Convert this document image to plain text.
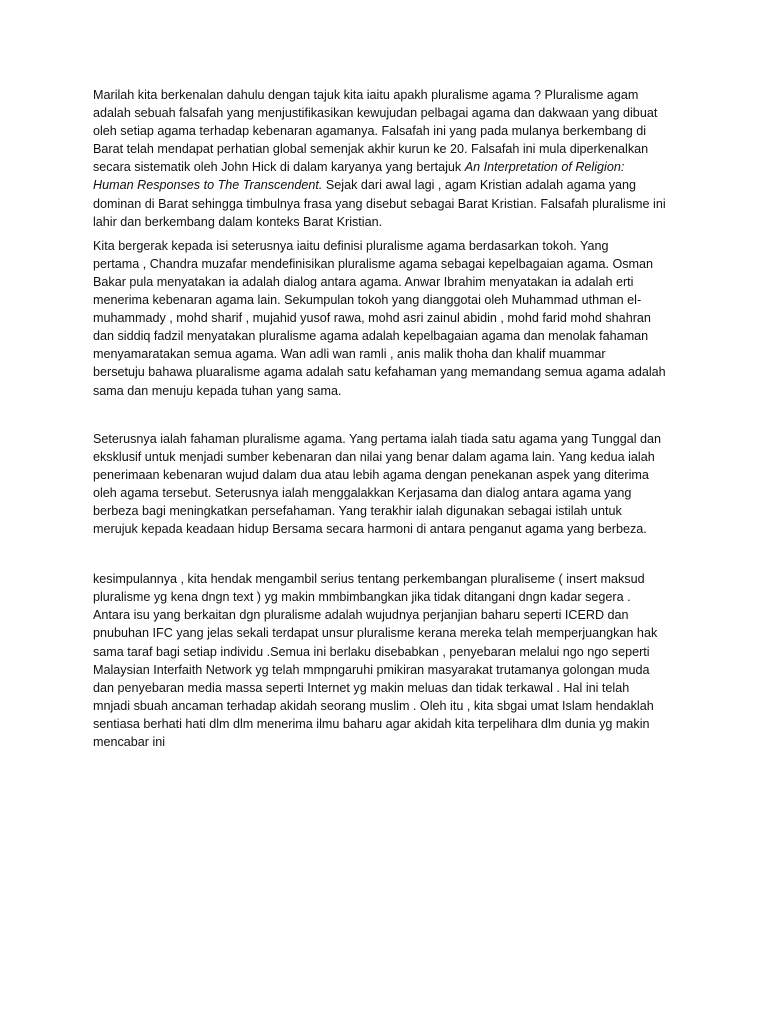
Marilah kita berkenalan dahulu dengan tajuk kita iaitu apakh pluralisme agama ? Pluralisme agam
adalah sebuah falsafah yang menjustifikasikan kewujudan pelbagai agama dan dakwaan yang dibuat
oleh setiap agama terhadap kebenaran agamanya. Falsafah ini yang pada mulanya berkembang di
Barat telah mendapat perhatian global semenjak akhir kurun ke 20. Falsafah ini mula diperkenalkan
secara sistematik oleh John Hick di dalam karyanya yang bertajuk An Interpretation of Religion:
Human Responses to The Transcendent. Sejak dari awal lagi , agam Kristian adalah agama yang
dominan di Barat sehingga timbulnya frasa yang disebut sebagai Barat Kristian. Falsafah pluralisme ini
lahir dan berkembang dalam konteks Barat Kristian.
Kita bergerak kepada isi seterusnya iaitu definisi pluralisme agama berdasarkan tokoh. Yang
pertama , Chandra muzafar mendefinisikan pluralisme agama sebagai kepelbagaian agama. Osman
Bakar pula menyatakan ia adalah dialog antara agama. Anwar Ibrahim menyatakan ia adalah erti
menerima kebenaran agama lain. Sekumpulan tokoh yang dianggotai oleh Muhammad uthman el-
muhammady , mohd sharif , mujahid yusof rawa, mohd asri zainul abidin , mohd farid mohd shahran
dan siddiq fadzil menyatakan pluralisme agama adalah kepelbagaian agama dan menolak fahaman
menyamaratakan semua agama. Wan adli wan ramli , anis malik thoha dan khalif muammar
bersetuju bahawa pluaralisme agama adalah satu kefahaman yang memandang semua agama adalah
sama dan menuju kepada tuhan yang sama.
Seterusnya ialah fahaman pluralisme agama. Yang pertama ialah tiada satu agama yang Tunggal dan
eksklusif untuk menjadi sumber kebenaran dan nilai yang benar dalam agama lain. Yang kedua ialah
penerimaan kebenaran wujud dalam dua atau lebih agama dengan penekanan aspek yang diterima
oleh agama tersebut. Seterusnya ialah menggalakkan Kerjasama dan dialog antara agama yang
berbeza bagi meningkatkan persefahaman. Yang terakhir ialah digunakan sebagai istilah untuk
merujuk kepada keadaan hidup Bersama secara harmoni di antara penganut agama yang berbeza.
kesimpulannya , kita hendak mengambil serius tentang perkembangan pluraliseme ( insert maksud
pluralisme yg kena dngn text ) yg makin mmbimbangkan jika tidak ditangani dngn kadar segera .
Antara isu yang berkaitan dgn pluralisme adalah wujudnya perjanjian baharu seperti ICERD dan
pnubuhan IFC yang jelas sekali terdapat unsur pluralisme kerana mereka telah memperjuangkan hak
sama taraf bagi setiap individu .Semua ini berlaku disebabkan , penyebaran melalui ngo ngo seperti
Malaysian Interfaith Network yg telah mmpngaruhi pmikiran masyarakat trutamanya golongan muda
dan penyebaran media massa seperti Internet yg makin meluas dan tidak terkawal . Hal ini telah
mnjadi sbuah ancaman terhadap akidah seorang muslim . Oleh itu , kita sbgai umat Islam hendaklah
sentiasa berhati hati dlm dlm menerima ilmu baharu agar akidah kita terpelihara dlm dunia yg makin
mencabar ini
